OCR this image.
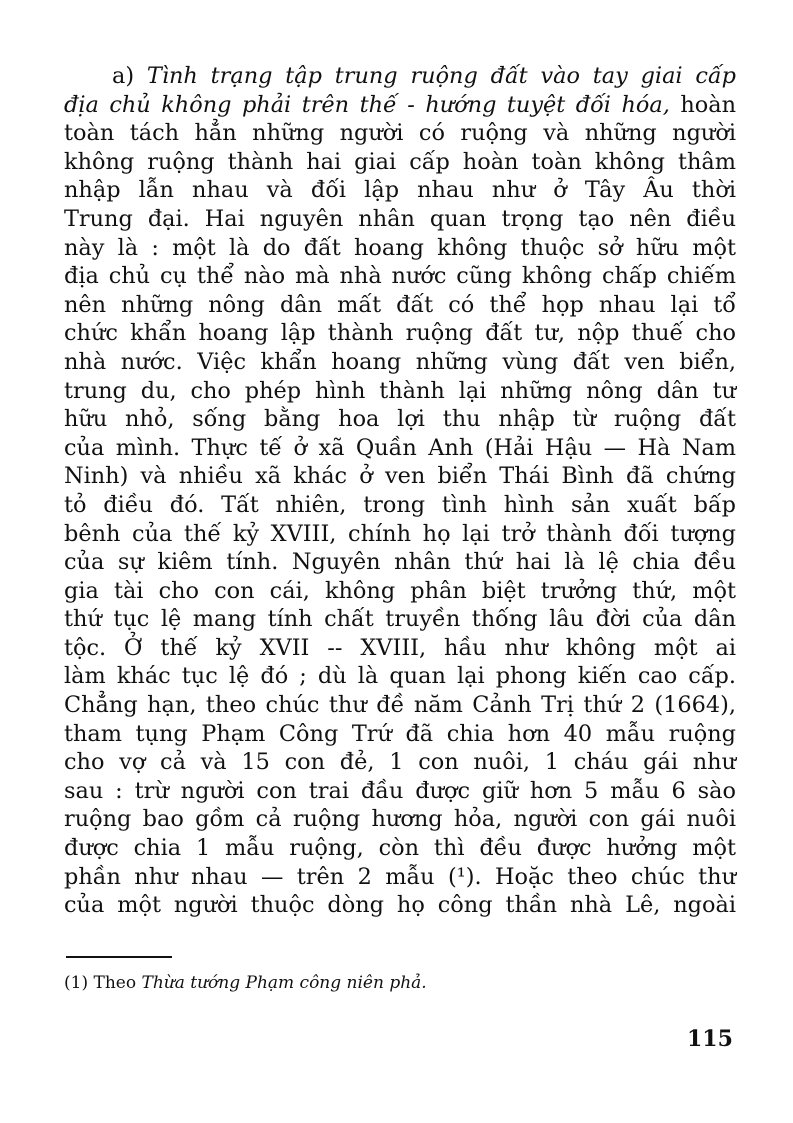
a) Tình trạng tập trung ruộng đất vào tay giai cấp
địa chủ không phải trên thế - hướng tuyệt đối hóa, hoàn
toàn tách hẳn những người có ruộng và những người
không ruộng thành hai giai cấp hoàn toàn không thâm
nhập lẫn nhau và đối lập nhau như ở Tây Âu thời
Trung đại. Hai nguyên nhân quan trọng tạo nên điều
này là : một là do đất hoang không thuộc sở hữu một
địa chủ cụ thể nào mà nhà nước cũng không chấp chiếm
nên những nông dân mất đất có thể họp nhau lại tổ
chức khẩn hoang lập thành ruộng đất tư, nộp thuế cho
nhà nước. Việc khẩn hoang những vùng đất ven biển,
trung du, cho phép hình thành lại những nông dân tư
hữu nhỏ, sống bằng hoa lợi thu nhập từ ruộng đất
của mình. Thực tế ở xã Quần Anh (Hải Hậu — Hà Nam
Ninh) và nhiều xã khác ở ven biển Thái Bình đã chứng
tỏ điều đó. Tất nhiên, trong tình hình sản xuất bấp
bênh của thế kỷ XVIII, chính họ lại trở thành đối tượng
của sự kiêm tính. Nguyên nhân thứ hai là lệ chia đều
gia tài cho con cái, không phân biệt trưởng thứ, một
thứ tục lệ mang tính chất truyền thống lâu đời của dân
tộc. Ở thế kỷ XVII -- XVIII, hầu như không một ai
làm khác tục lệ đó ; dù là quan lại phong kiến cao cấp.
Chẳng hạn, theo chúc thư đề năm Cảnh Trị thứ 2 (1664),
tham tụng Phạm Công Trứ đã chia hơn 40 mẫu ruộng
cho vợ cả và 15 con đẻ, 1 con nuôi, 1 cháu gái như
sau : trừ người con trai đầu được giữ hơn 5 mẫu 6 sào
ruộng bao gồm cả ruộng hương hỏa, người con gái nuôi
được chia 1 mẫu ruộng, còn thì đều được hưởng một
phần như nhau — trên 2 mẫu (¹). Hoặc theo chúc thư
của một người thuộc dòng họ công thần nhà Lê, ngoài
(1) Theo Thừa tướng Phạm công niên phả.
115
